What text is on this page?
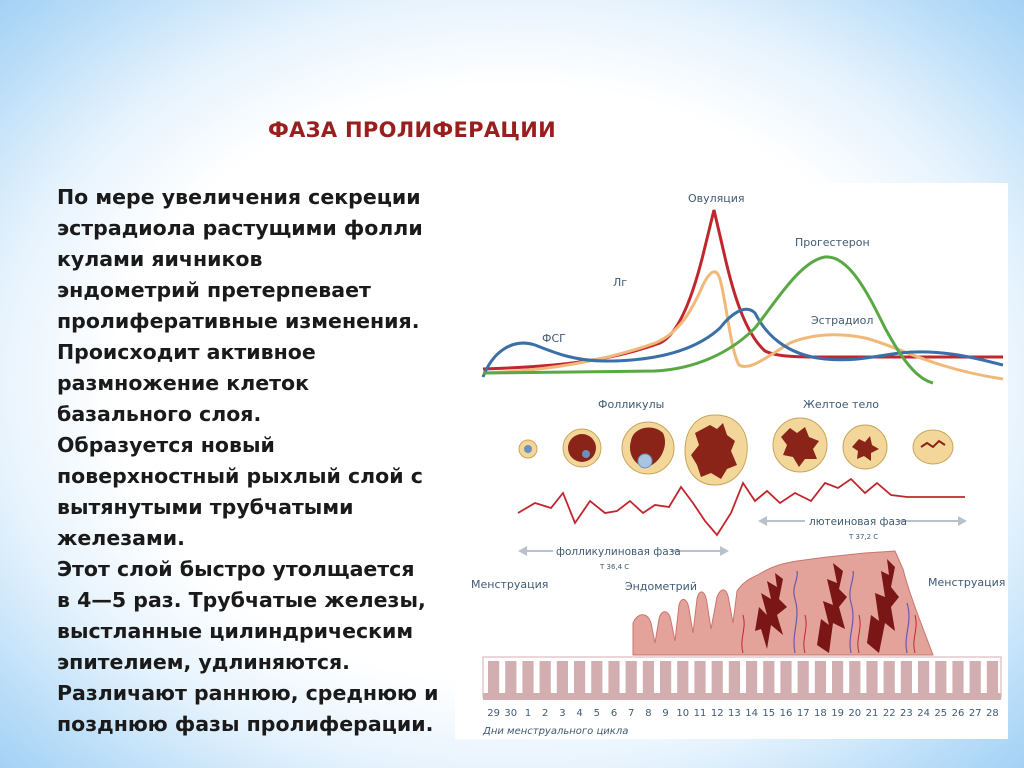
ФАЗА ПРОЛИФЕРАЦИИ
По мере увеличения секреции
эстрадиола растущими фолли
кулами яичников
эндометрий претерпевает
пролиферативные изменения.
Происходит активное
размножение клеток
базального слоя.
Образуется новый
поверхностный рыхлый слой с
вытянутыми трубчатыми
железами.
Этот слой быстро утолщается
в 4—5 раз. Трубчатые железы,
выстланные цилиндрическим
эпителием, удлиняются.
Различают раннюю, среднюю и
позднюю фазы пролиферации.
Овуляция
Прогестерон
Лг
Эстрадиол
ФСГ
Фолликулы	Желтое тело
лютеиновая фаза
Т 37,2 С
фолликулиновая фаза
Т 36,4 С
Менструация	Эндометрий	Менструация
29 30 1 2 3 4 5 6 7 8 9 10 11 12 13 14 15 16 17 18 19 20 21 22 23 24 25 26 27 28
Дни менструального цикла
